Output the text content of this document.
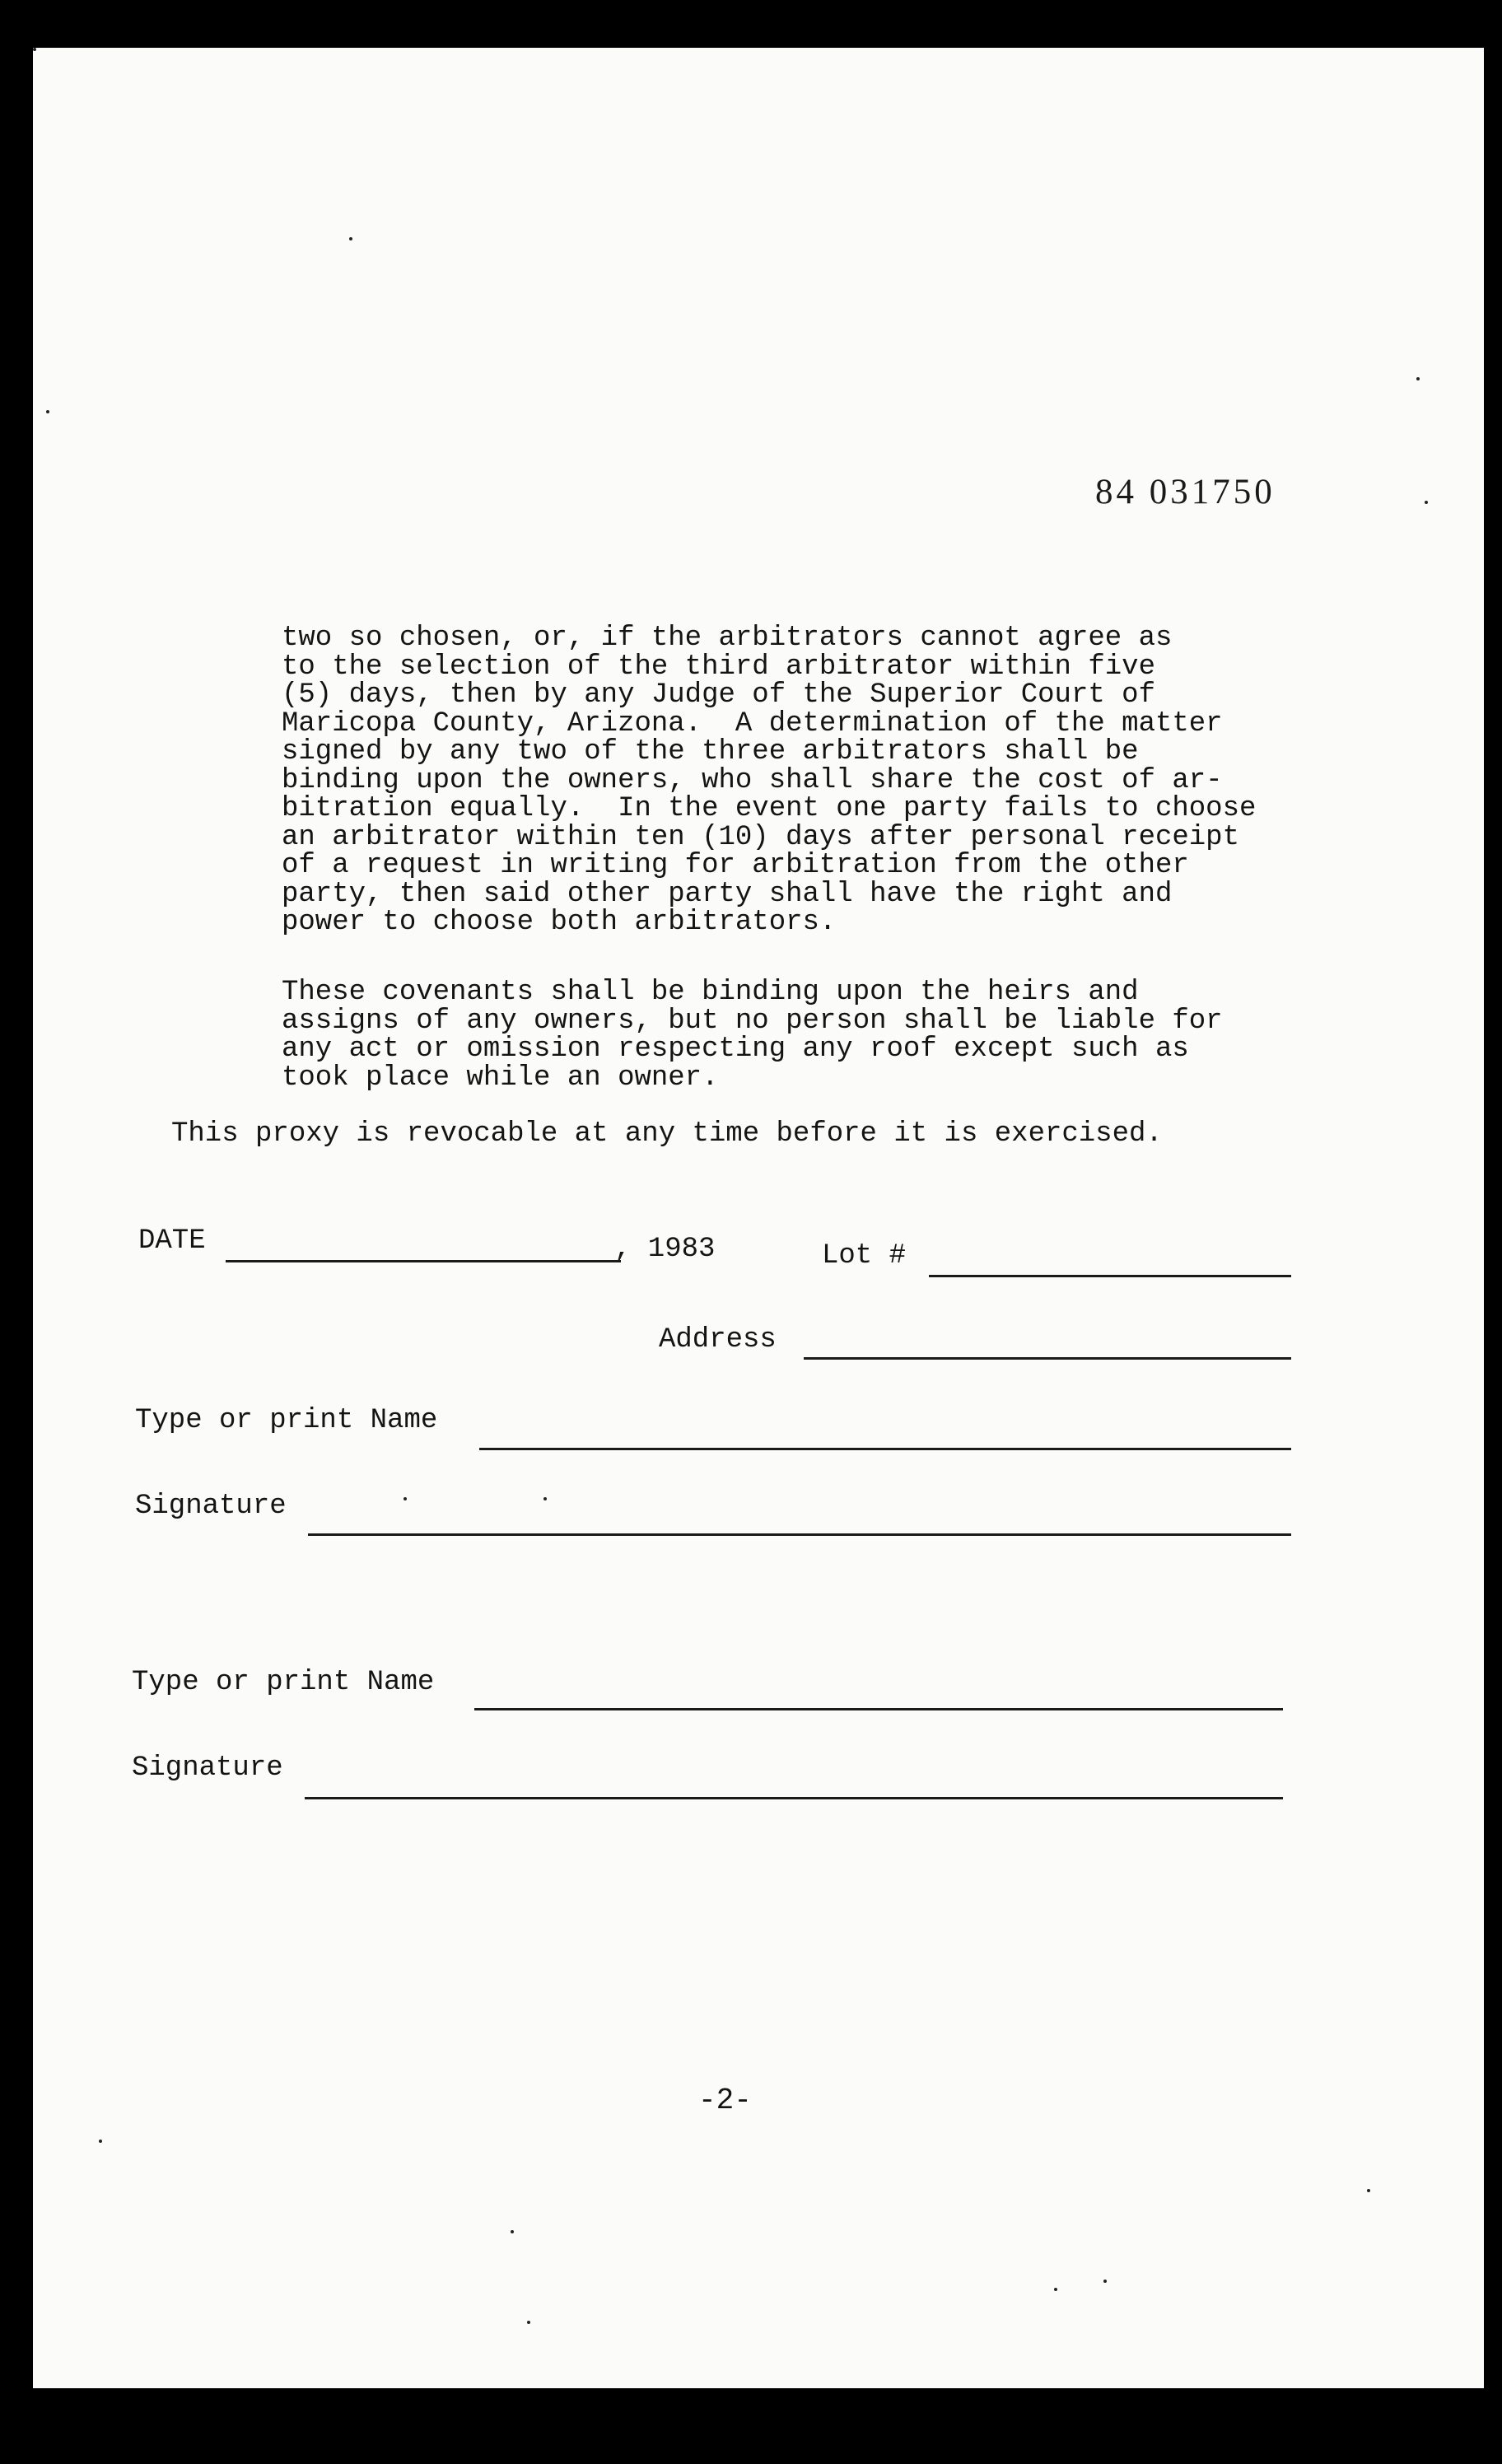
84 031750
two so chosen, or, if the arbitrators cannot agree as
to the selection of the third arbitrator within five
(5) days, then by any Judge of the Superior Court of
Maricopa County, Arizona.  A determination of the matter
signed by any two of the three arbitrators shall be
binding upon the owners, who shall share the cost of ar-
bitration equally.  In the event one party fails to choose
an arbitrator within ten (10) days after personal receipt
of a request in writing for arbitration from the other
party, then said other party shall have the right and
power to choose both arbitrators.
These covenants shall be binding upon the heirs and
assigns of any owners, but no person shall be liable for
any act or omission respecting any roof except such as
took place while an owner.
This proxy is revocable at any time before it is exercised.
DATE	, 1983	Lot #
Address
Type or print Name
Signature
Type or print Name
Signature
-2-
